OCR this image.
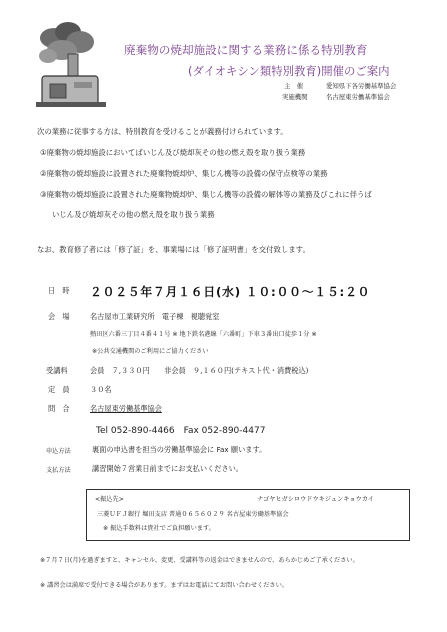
廃棄物の焼却施設に関する業務に係る特別教育
(ダイオキシン類特別教育)開催のご案内
主　催	愛知県下各労働基準協会
実施機関	名古屋東労働基準協会
次の業務に従事する方は、特別教育を受けることが義務付けられています。
①廃棄物の焼却施設においてばいじん及び焼却灰その他の燃え殻を取り扱う業務
②廃棄物の焼却施設に設置された廃棄物焼却炉、集じん機等の設備の保守点検等の業務
③廃棄物の焼却施設に設置された廃棄物焼却炉、集じん機等の設備の解体等の業務及びこれに伴うば
いじん及び焼却灰その他の燃え殻を取り扱う業務
なお、教育修了者には「修了証」を、事業場には「修了証明書」を交付致します。
日　時 ２０２５年７月１６日(水) １０:００〜１５:２０
会　場	名古屋市工業研究所　電子棟　視聴覚室
熱田区六番三丁目４番４１号 ※ 地下鉄名港線「六番町」下車３番出口徒歩１分 ※
※公共交通機関のご利用にご協力ください
受講料	会員　７,３３０円　　非会員　９,１６０円(テキスト代・消費税込)
定　員	３０名
問　合	名古屋東労働基準協会
Tel 052-890-4466　Fax 052-890-4477
申込方法	裏面の申込書を担当の労働基準協会に Fax 願います。
支払方法	講習開始７営業日前までにお支払いください。
<振込先>	ナゴヤヒガシロウドウキジュンキョウカイ
三菱ＵＦＪ銀行 堀田支店 普通０６５６０２９ 名古屋東労働基準協会
※ 振込手数料は貴社でご負担願います。
※７月７日(月)を過ぎますと、キャンセル、変更、受講料等の返金はできませんので、あらかじめご了承ください。
※ 講習会は満席で受付できる場合があります。まずはお電話にてお問い合わせください。
